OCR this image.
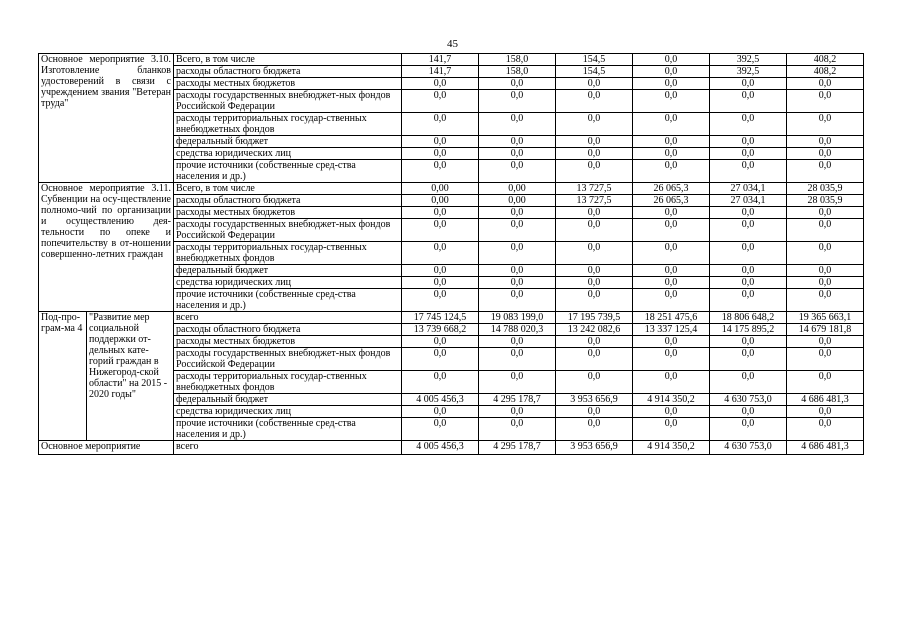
45
Основное мероприятие 3.10. Изготовление бланков удостоверений в связи с учреждением звания "Ветеран труда"		Всего, в том числе	141,7	158,0	154,5	0,0	392,5	408,2
		расходы областного бюджета	141,7	158,0	154,5	0,0	392,5	408,2
		расходы местных бюджетов	0,0	0,0	0,0	0,0	0,0	0,0
		расходы государственных внебюджет-ных фондов Российской Федерации	0,0	0,0	0,0	0,0	0,0	0,0
		расходы территориальных государ-ственных внебюджетных фондов	0,0	0,0	0,0	0,0	0,0	0,0
		федеральный бюджет	0,0	0,0	0,0	0,0	0,0	0,0
		средства юридических лиц	0,0	0,0	0,0	0,0	0,0	0,0
		прочие источники (собственные сред-ства населения и др.)	0,0	0,0	0,0	0,0	0,0	0,0
Основное мероприятие 3.11. Субвенции на осу-ществление полномо-чий по организации и осуществлению дея-тельности по опеке и попечительству в от-ношении совершенно-летних граждан		Всего, в том числе	0,00	0,00	13 727,5	26 065,3	27 034,1	28 035,9
		расходы областного бюджета	0,00	0,00	13 727,5	26 065,3	27 034,1	28 035,9
		расходы местных бюджетов	0,0	0,0	0,0	0,0	0,0	0,0
		расходы государственных внебюджет-ных фондов Российской Федерации	0,0	0,0	0,0	0,0	0,0	0,0
		расходы территориальных государ-ственных внебюджетных фондов	0,0	0,0	0,0	0,0	0,0	0,0
		федеральный бюджет	0,0	0,0	0,0	0,0	0,0	0,0
		средства юридических лиц	0,0	0,0	0,0	0,0	0,0	0,0
		прочие источники (собственные сред-ства населения и др.)	0,0	0,0	0,0	0,0	0,0	0,0
Под-про-грам-ма 4	"Развитие мер социальной поддержки от-дельных кате-горий граждан в Нижегород-ской области" на 2015 - 2020 годы"	всего	17 745 124,5	19 083 199,0	17 195 739,5	18 251 475,6	18 806 648,2	19 365 663,1
		расходы областного бюджета	13 739 668,2	14 788 020,3	13 242 082,6	13 337 125,4	14 175 895,2	14 679 181,8
		расходы местных бюджетов	0,0	0,0	0,0	0,0	0,0	0,0
		расходы государственных внебюджет-ных фондов Российской Федерации	0,0	0,0	0,0	0,0	0,0	0,0
		расходы территориальных государ-ственных внебюджетных фондов	0,0	0,0	0,0	0,0	0,0	0,0
		федеральный бюджет	4 005 456,3	4 295 178,7	3 953 656,9	4 914 350,2	4 630 753,0	4 686 481,3
		средства юридических лиц	0,0	0,0	0,0	0,0	0,0	0,0
		прочие источники (собственные сред-ства населения и др.)	0,0	0,0	0,0	0,0	0,0	0,0
Основное мероприятие		всего	4 005 456,3	4 295 178,7	3 953 656,9	4 914 350,2	4 630 753,0	4 686 481,3
